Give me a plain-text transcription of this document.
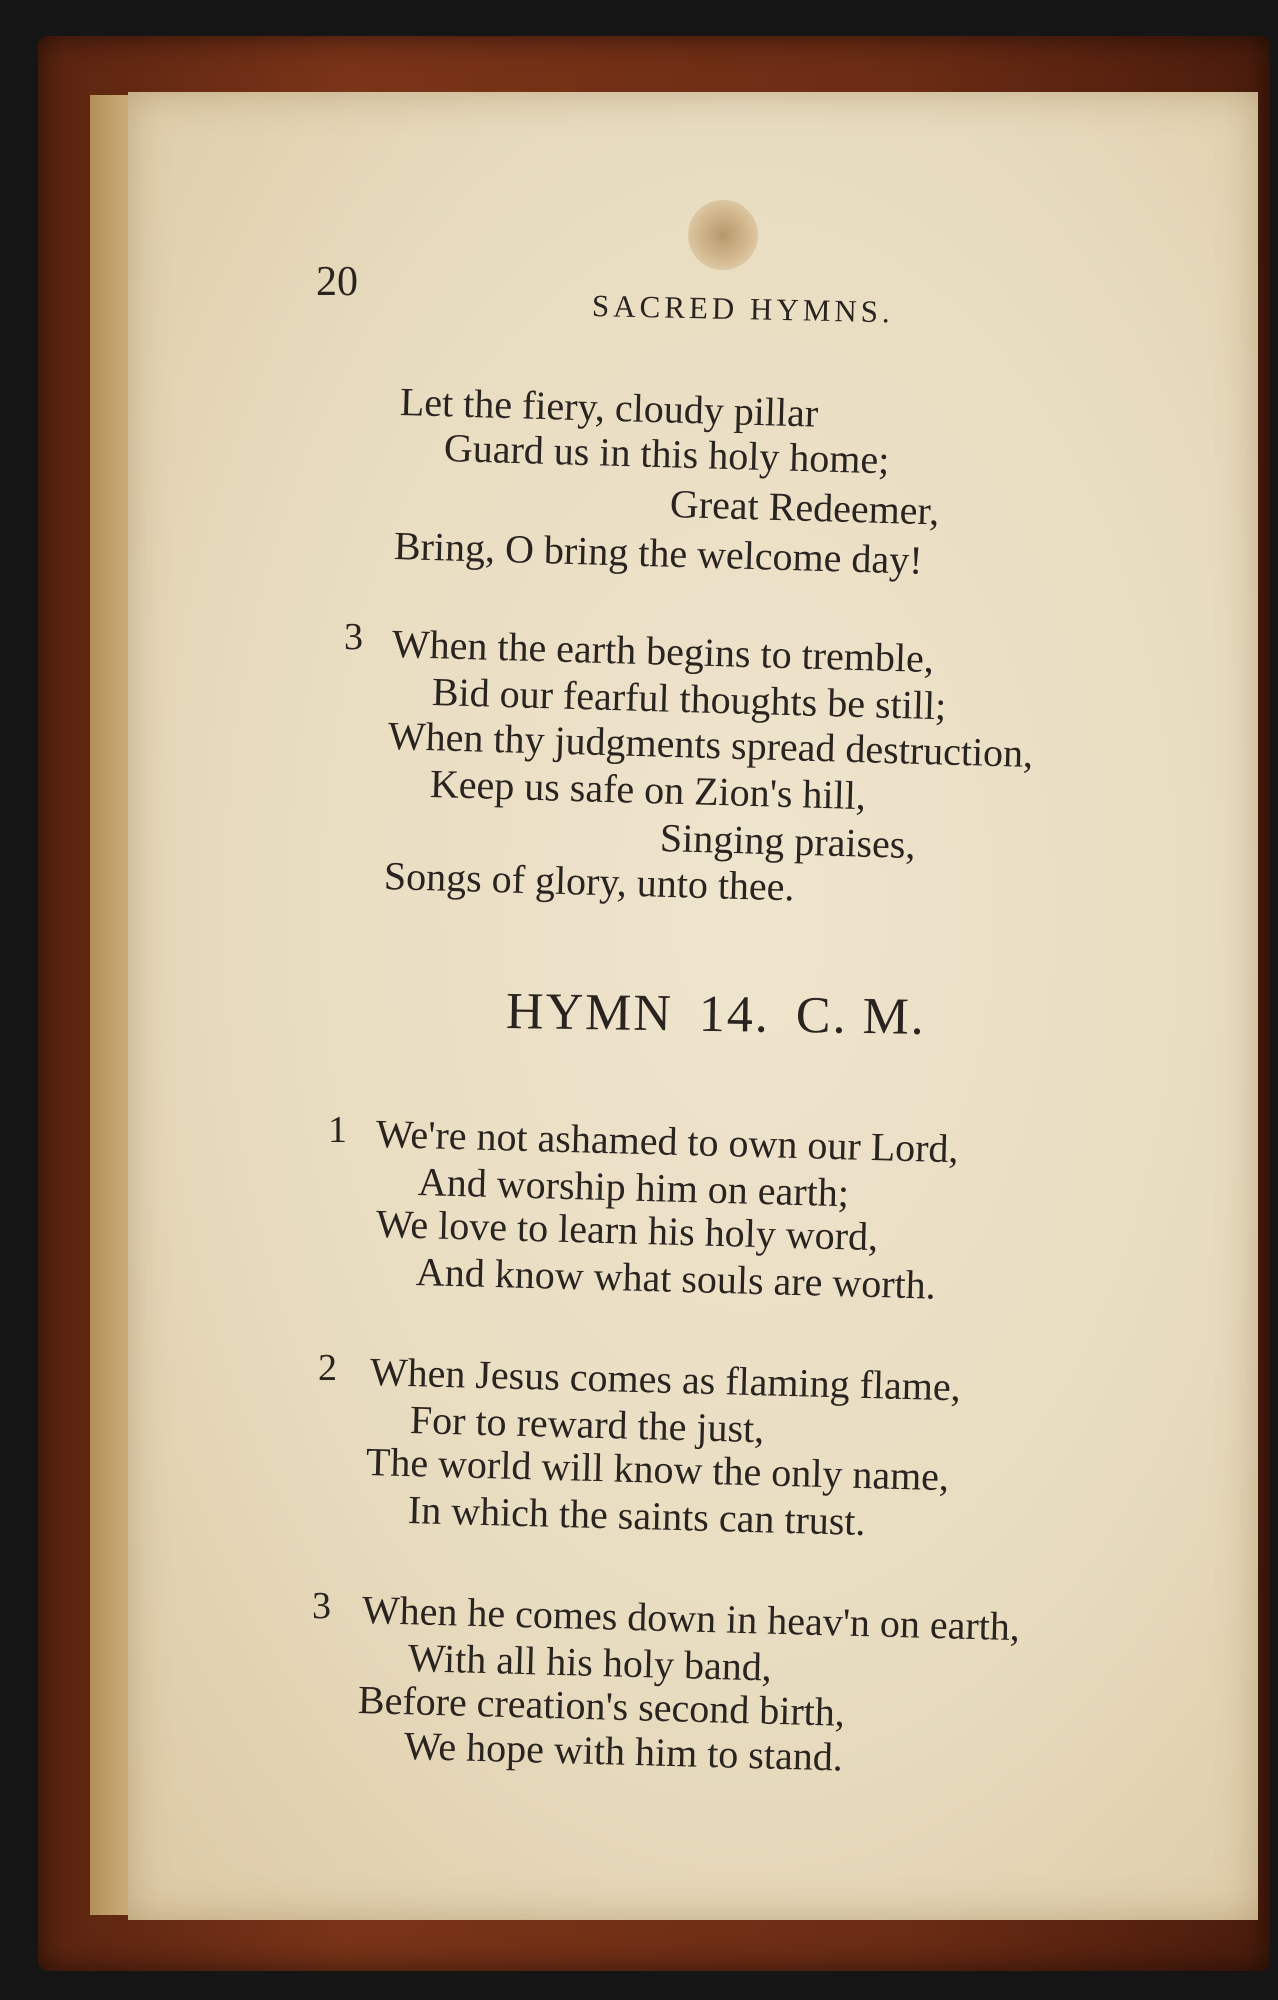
20
SACRED HYMNS.
Let the fiery, cloudy pillar
Guard us in this holy home;
Great Redeemer,
Bring, O bring the welcome day!
3 When the earth begins to tremble,
Bid our fearful thoughts be still;
When thy judgments spread destruction,
Keep us safe on Zion's hill,
Singing praises,
Songs of glory, unto thee.
HYMN 14. C. M.
1 We're not ashamed to own our Lord,
And worship him on earth;
We love to learn his holy word,
And know what souls are worth.
2 When Jesus comes as flaming flame,
For to reward the just,
The world will know the only name,
In which the saints can trust.
3 When he comes down in heav'n on earth,
With all his holy band,
Before creation's second birth,
We hope with him to stand.
